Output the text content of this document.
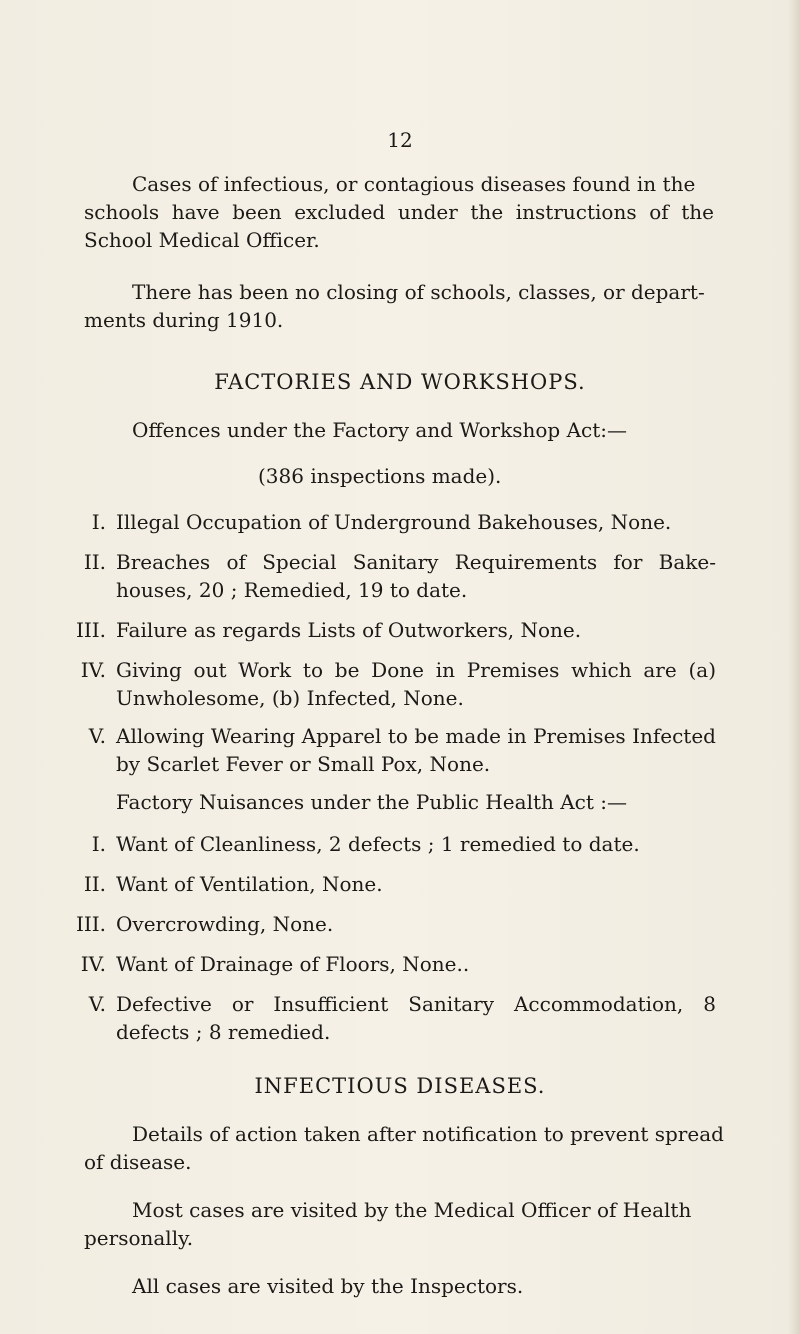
12
Cases of infectious, or contagious diseases found in the
schools have been excluded under the instructions of the School Medical Officer.
There has been no closing of schools, classes, or depart-
ments during 1910.
FACTORIES AND WORKSHOPS.
Offences under the Factory and Workshop Act:—
(386 inspections made).
I. Illegal Occupation of Underground Bakehouses, None.
II. Breaches of Special Sanitary Requirements for Bake-houses, 20 ; Remedied, 19 to date.
III. Failure as regards Lists of Outworkers, None.
IV. Giving out Work to be Done in Premises which are (a) Unwholesome, (b) Infected, None.
V. Allowing Wearing Apparel to be made in Premises Infected by Scarlet Fever or Small Pox, None.
Factory Nuisances under the Public Health Act :—
I. Want of Cleanliness, 2 defects ; 1 remedied to date.
II. Want of Ventilation, None.
III. Overcrowding, None.
IV. Want of Drainage of Floors, None..
V. Defective or Insufficient Sanitary Accommodation, 8 defects ; 8 remedied.
INFECTIOUS DISEASES.
Details of action taken after notification to prevent spread
of disease.
Most cases are visited by the Medical Officer of Health
personally.
All cases are visited by the Inspectors.
